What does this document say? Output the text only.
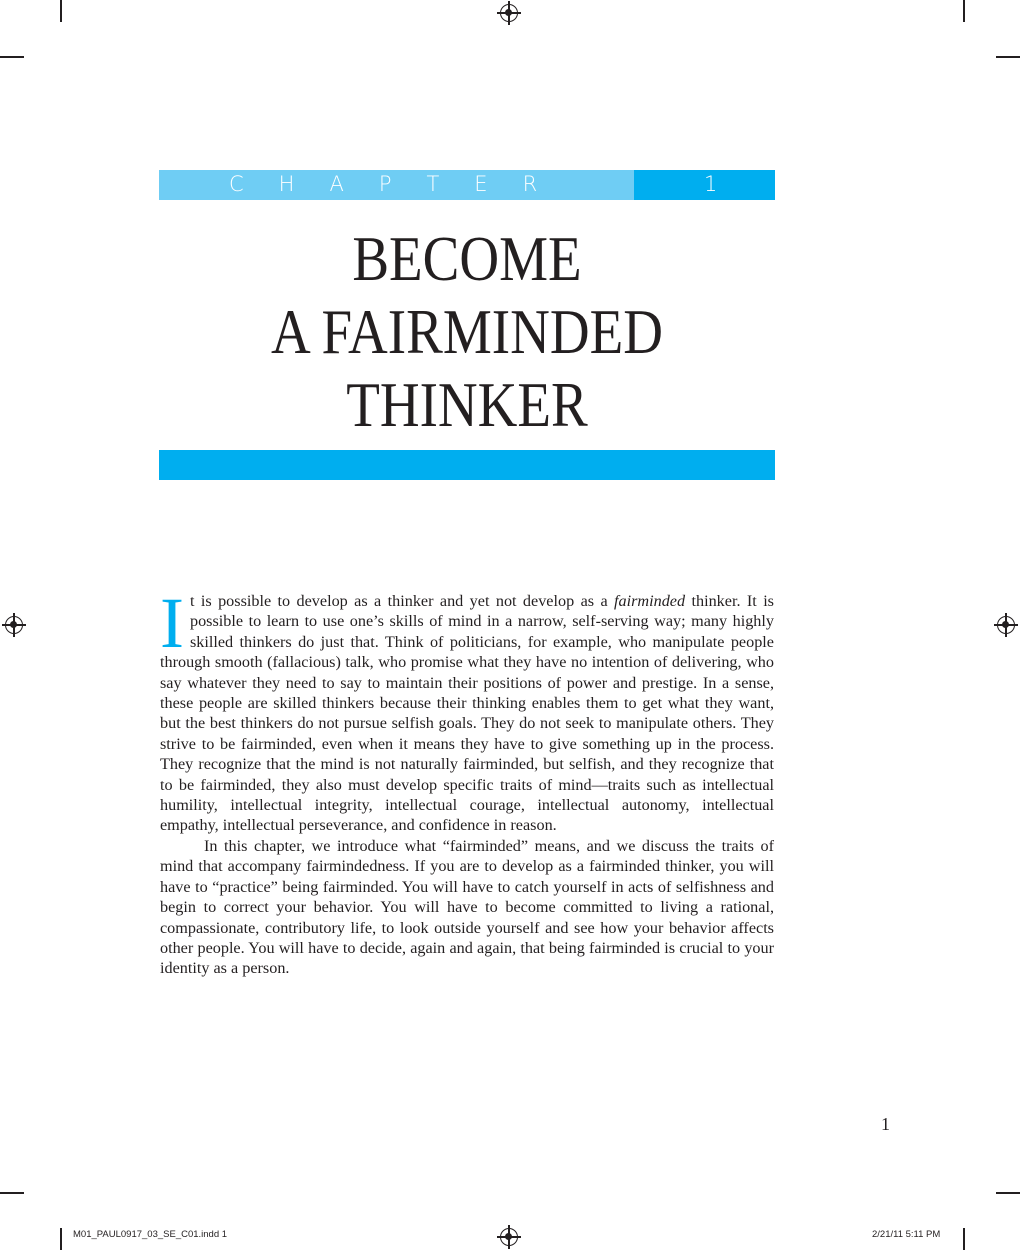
CHAPTER	1
BECOME
A FAIRMINDED
THINKER

It is possible to develop as a thinker and yet not develop as a fairminded thinker. It is possible to learn to use one’s skills of mind in a narrow, self-serving way; many highly skilled thinkers do just that. Think of politicians, for example, who manipulate people through smooth (fallacious) talk, who promise what they have no intention of delivering, who say whatever they need to say to maintain their positions of power and prestige. In a sense, these people are skilled thinkers because their thinking enables them to get what they want, but the best thinkers do not pursue selfish goals. They do not seek to manipulate others. They strive to be fairminded, even when it means they have to give something up in the process. They recognize that the mind is not naturally fairminded, but selfish, and they recognize that to be fairminded, they also must develop specific traits of mind—traits such as intellectual humility, intellectual integrity, intellectual courage, intellectual autonomy, intellectual empathy, intellectual perseverance, and confidence in reason.

In this chapter, we introduce what “fairminded” means, and we discuss the traits of mind that accompany fairmindedness. If you are to develop as a fairminded thinker, you will have to “practice” being fairminded. You will have to catch yourself in acts of selfishness and begin to correct your behavior. You will have to become committed to living a rational, compassionate, contributory life, to look outside yourself and see how your behavior affects other people. You will have to decide, again and again, that being fairminded is crucial to your identity as a person.

1
M01_PAUL0917_03_SE_C01.indd 1	2/21/11 5:11 PM
